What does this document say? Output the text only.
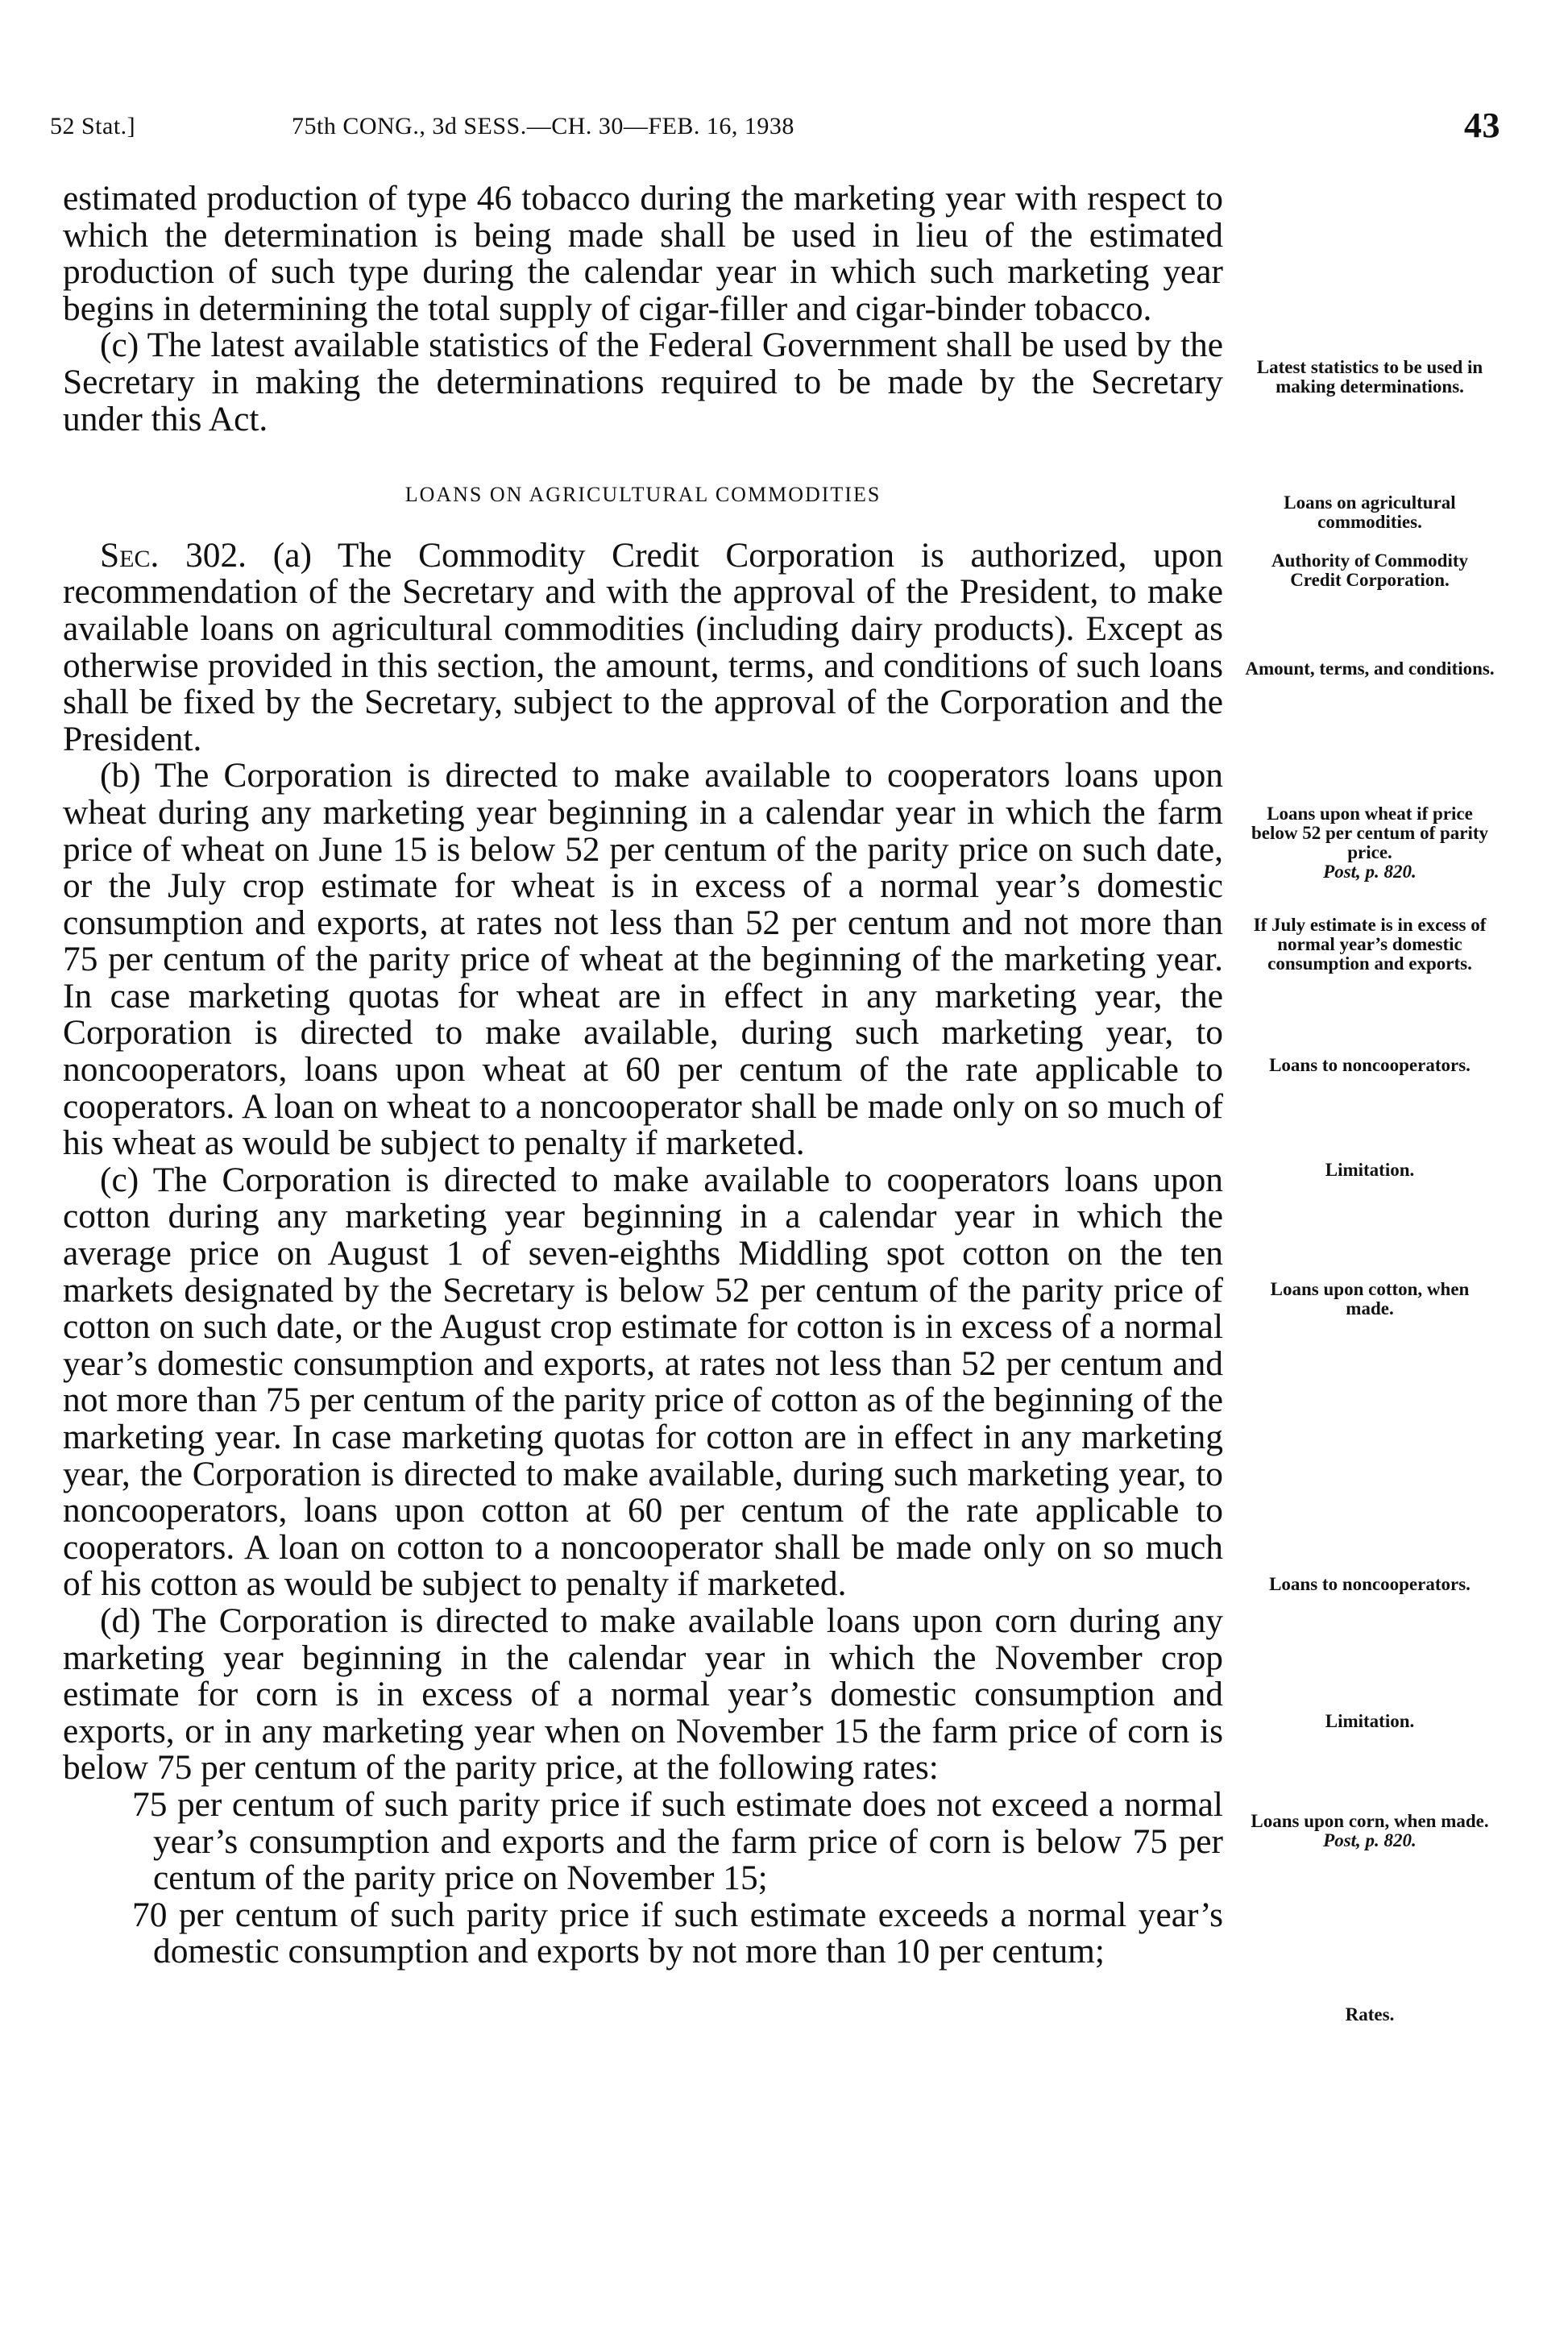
52 Stat.]	75th CONG., 3d SESS.—CH. 30—FEB. 16, 1938	43

estimated production of type 46 tobacco during the marketing year with respect to which the determination is being made shall be used in lieu of the estimated production of such type during the calendar year in which such marketing year begins in determining the total supply of cigar-filler and cigar-binder tobacco.

(c) The latest available statistics of the Federal Government shall be used by the Secretary in making the determinations required to be made by the Secretary under this Act.

LOANS ON AGRICULTURAL COMMODITIES

Sec. 302. (a) The Commodity Credit Corporation is authorized, upon recommendation of the Secretary and with the approval of the President, to make available loans on agricultural commodities (including dairy products). Except as otherwise provided in this section, the amount, terms, and conditions of such loans shall be fixed by the Secretary, subject to the approval of the Corporation and the President.

(b) The Corporation is directed to make available to cooperators loans upon wheat during any marketing year beginning in a calendar year in which the farm price of wheat on June 15 is below 52 per centum of the parity price on such date, or the July crop estimate for wheat is in excess of a normal year’s domestic consumption and exports, at rates not less than 52 per centum and not more than 75 per centum of the parity price of wheat at the beginning of the marketing year. In case marketing quotas for wheat are in effect in any marketing year, the Corporation is directed to make available, during such marketing year, to noncooperators, loans upon wheat at 60 per centum of the rate applicable to cooperators. A loan on wheat to a noncooperator shall be made only on so much of his wheat as would be subject to penalty if marketed.

(c) The Corporation is directed to make available to cooperators loans upon cotton during any marketing year beginning in a calendar year in which the average price on August 1 of seven-eighths Middling spot cotton on the ten markets designated by the Secretary is below 52 per centum of the parity price of cotton on such date, or the August crop estimate for cotton is in excess of a normal year’s domestic consumption and exports, at rates not less than 52 per centum and not more than 75 per centum of the parity price of cotton as of the beginning of the marketing year. In case marketing quotas for cotton are in effect in any marketing year, the Corporation is directed to make available, during such marketing year, to noncooperators, loans upon cotton at 60 per centum of the rate applicable to cooperators. A loan on cotton to a noncooperator shall be made only on so much of his cotton as would be subject to penalty if marketed.

(d) The Corporation is directed to make available loans upon corn during any marketing year beginning in the calendar year in which the November crop estimate for corn is in excess of a normal year’s domestic consumption and exports, or in any marketing year when on November 15 the farm price of corn is below 75 per centum of the parity price, at the following rates:

75 per centum of such parity price if such estimate does not exceed a normal year’s consumption and exports and the farm price of corn is below 75 per centum of the parity price on November 15;

70 per centum of such parity price if such estimate exceeds a normal year’s domestic consumption and exports by not more than 10 per centum;

Latest statistics to be used in making determinations.
Loans on agricultural commodities.
Authority of Commodity Credit Corporation.
Amount, terms, and conditions.
Loans upon wheat if price below 52 per centum of parity price.
Post, p. 820.
If July estimate is in excess of normal year’s domestic consumption and exports.
Loans to noncooperators.
Limitation.
Loans upon cotton, when made.
Loans to noncooperators.
Limitation.
Loans upon corn, when made.
Post, p. 820.
Rates.
